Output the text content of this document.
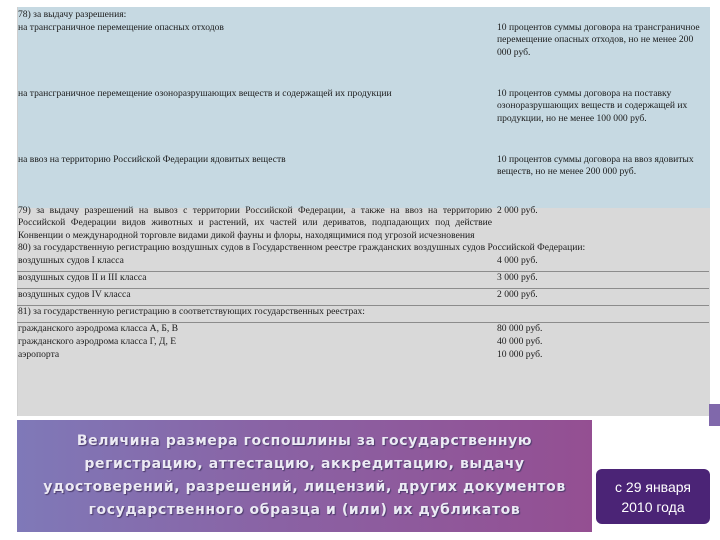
78) за выдачу разрешения:	
на трансграничное перемещение опасных отходов	10 процентов суммы договора на трансграничное перемещение опасных отходов, но не менее 200 000 руб.
на трансграничное перемещение озоноразрушающих веществ и содержащей их продукции	10 процентов суммы договора на поставку озоноразрушающих веществ и содержащей их продукции, но не менее 100 000 руб.
на ввоз на территорию Российской Федерации ядовитых веществ	10 процентов суммы договора на ввоз ядовитых веществ, но не менее 200 000 руб.
79) за выдачу разрешений на вывоз с территории Российской Федерации, а также на ввоз на территорию Российской Федерации видов животных и растений, их частей или дериватов, подпадающих под действие Конвенции о международной торговле видами дикой фауны и флоры, находящимися под угрозой исчезновения	2 000 руб.
80) за государственную регистрацию воздушных судов в Государственном реестре гражданских воздушных судов Российской Федерации:	
воздушных судов I класса	4 000 руб.
воздушных судов II и III класса	3 000 руб.
воздушных судов IV класса	2 000 руб.
81) за государственную регистрацию в соответствующих государственных реестрах:	
гражданского аэродрома класса А, Б, В	80 000 руб.
гражданского аэродрома класса Г, Д, Е	40 000 руб.
аэропорта	10 000 руб.
Величина размера госпошлины за государственную регистрацию, аттестацию, аккредитацию, выдачу удостоверений, разрешений, лицензий, других документов государственного образца и (или) их дубликатов
с 29 января
2010 года
